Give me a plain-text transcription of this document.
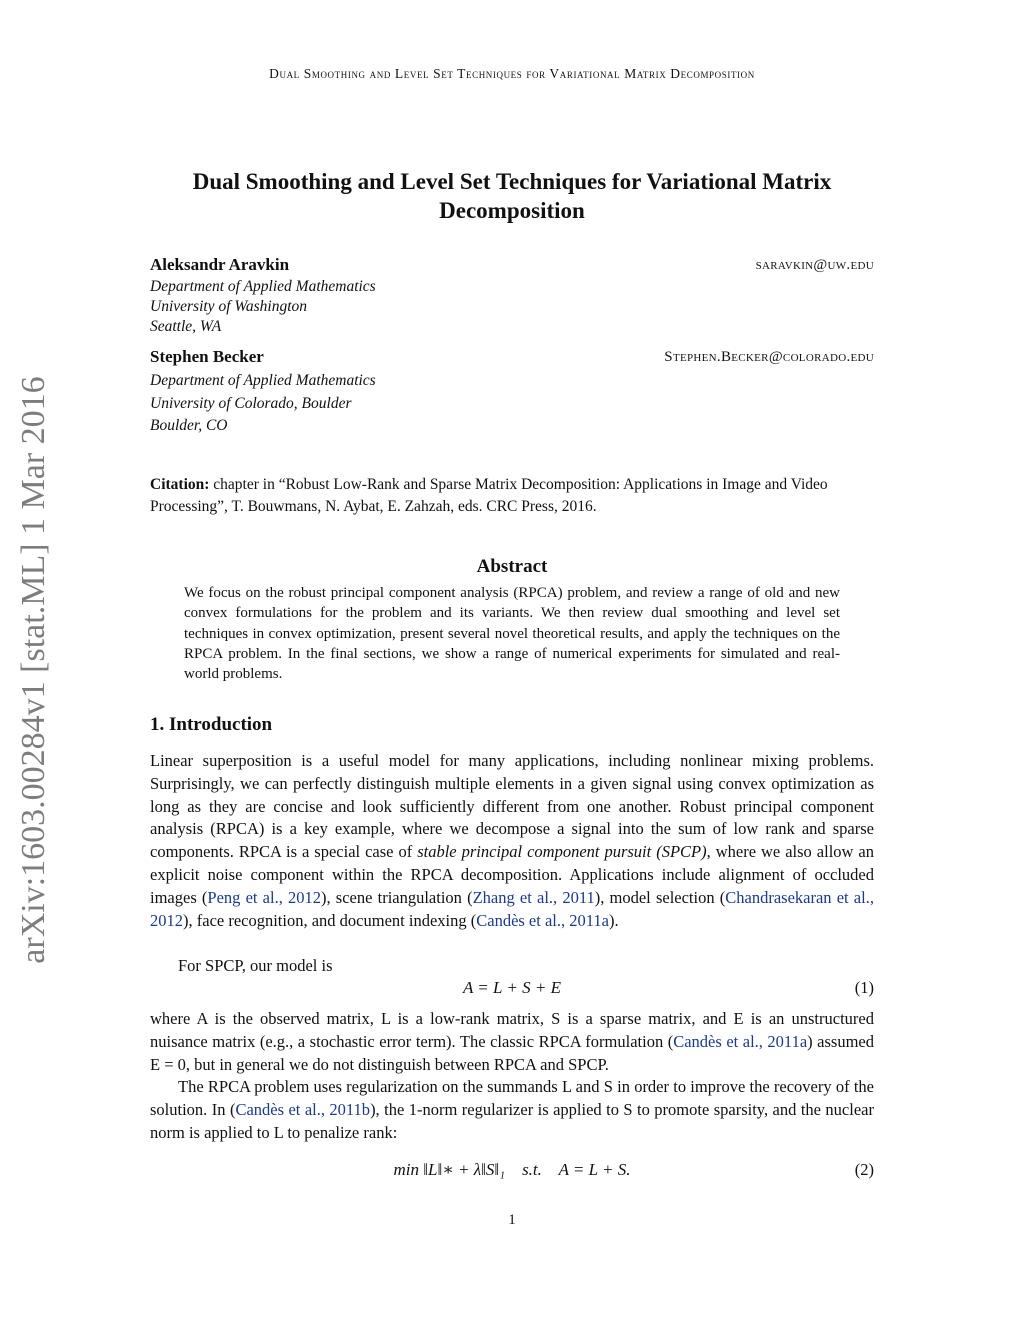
Dual Smoothing and Level Set Techniques for Variational Matrix Decomposition
arXiv:1603.00284v1 [stat.ML] 1 Mar 2016
Dual Smoothing and Level Set Techniques for Variational Matrix
Decomposition
Aleksandr Aravkin	saravkin@uw.edu
Department of Applied Mathematics
University of Washington
Seattle, WA
Stephen Becker	Stephen.Becker@colorado.edu
Department of Applied Mathematics
University of Colorado, Boulder
Boulder, CO
Citation: chapter in “Robust Low-Rank and Sparse Matrix Decomposition: Applications in Image and Video Processing”, T. Bouwmans, N. Aybat, E. Zahzah, eds. CRC Press, 2016.
Abstract
We focus on the robust principal component analysis (RPCA) problem, and review a range of old and new convex formulations for the problem and its variants. We then review dual smoothing and level set techniques in convex optimization, present several novel theoretical results, and apply the techniques on the RPCA problem. In the final sections, we show a range of numerical experiments for simulated and real-world problems.
1. Introduction

Linear superposition is a useful model for many applications, including nonlinear mixing problems. Surprisingly, we can perfectly distinguish multiple elements in a given signal using convex optimization as long as they are concise and look sufficiently different from one another. Robust principal component analysis (RPCA) is a key example, where we decompose a signal into the sum of low rank and sparse components. RPCA is a special case of stable principal component pursuit (SPCP), where we also allow an explicit noise component within the RPCA decomposition. Applications include alignment of occluded images (Peng et al., 2012), scene triangulation (Zhang et al., 2011), model selection (Chandrasekaran et al., 2012), face recognition, and document indexing (Candès et al., 2011a).

For SPCP, our model is

A = L + S + E	(1)

where A is the observed matrix, L is a low-rank matrix, S is a sparse matrix, and E is an unstructured nuisance matrix (e.g., a stochastic error term). The classic RPCA formulation (Candès et al., 2011a) assumed E = 0, but in general we do not distinguish between RPCA and SPCP.

The RPCA problem uses regularization on the summands L and S in order to improve the recovery of the solution. In (Candès et al., 2011b), the 1-norm regularizer is applied to S to promote sparsity, and the nuclear norm is applied to L to penalize rank:

min ‖L‖∗ + λ‖S‖₁    s.t.    A = L + S.	(2)
1
